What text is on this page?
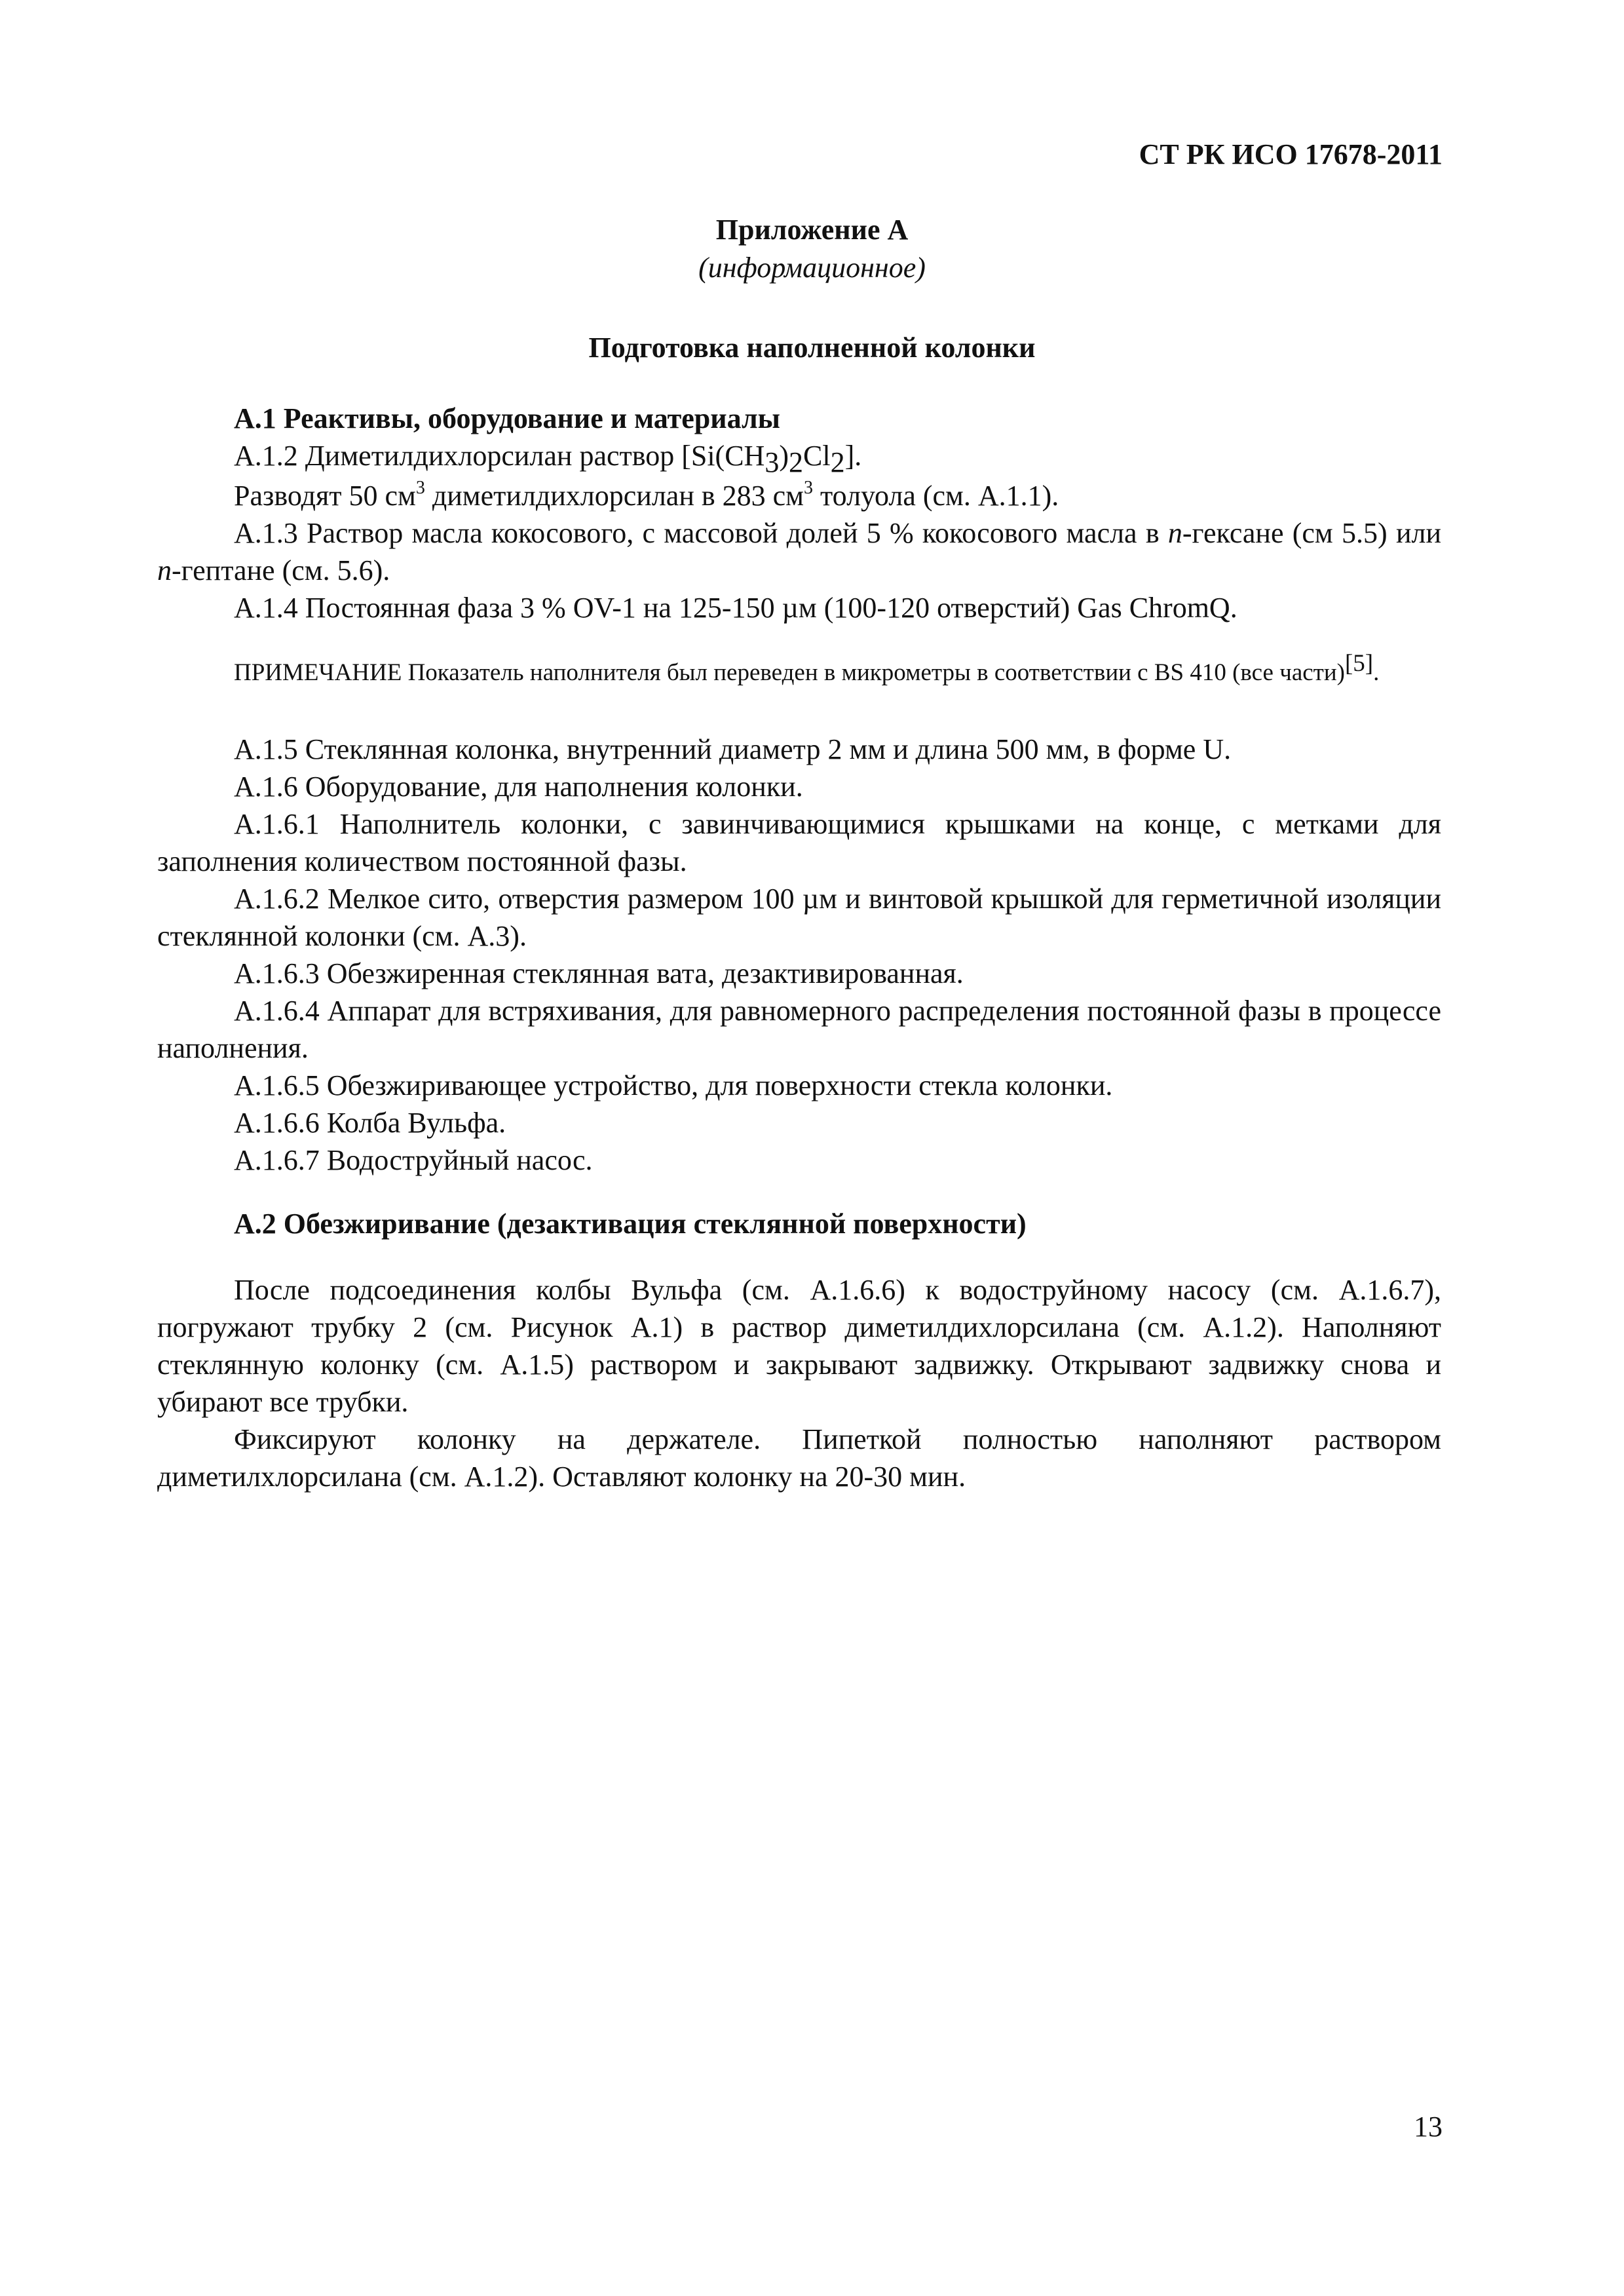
СТ РК ИСО 17678-2011
Приложение А
(информационное)
Подготовка наполненной колонки

А.1 Реактивы, оборудование и материалы

А.1.2 Диметилдихлорсилан раствор [Si(CH3)2Cl2].

Разводят 50 $см^3$ диметилдихлорсилан в 283 $см^3$ толуола (см. А.1.1).

А.1.3 Раствор масла кокосового, с массовой долей 5 % кокосового масла в n-гексане (см 5.5) или n-гептане (см. 5.6).

А.1.4 Постоянная фаза 3 % OV-1 на 125-150 µм (100-120 отверстий) Gas ChromQ.

ПРИМЕЧАНИЕ Показатель наполнителя был переведен в микрометры в соответствии с BS 410 (все части)[5].

А.1.5 Стеклянная колонка, внутренний диаметр 2 мм и длина 500 мм, в форме U.

А.1.6 Оборудование, для наполнения колонки.

А.1.6.1 Наполнитель колонки, с завинчивающимися крышками на конце, с метками для заполнения количеством постоянной фазы.

А.1.6.2 Мелкое сито, отверстия размером 100 µм и винтовой крышкой для герметичной изоляции стеклянной колонки (см. А.3).

А.1.6.3 Обезжиренная стеклянная вата, дезактивированная.

А.1.6.4 Аппарат для встряхивания, для равномерного распределения постоянной фазы в процессе наполнения.

А.1.6.5 Обезжиривающее устройство, для поверхности стекла колонки.

А.1.6.6 Колба Вульфа.

А.1.6.7 Водоструйный насос.

А.2 Обезжиривание (дезактивация стеклянной поверхности)

После подсоединения колбы Вульфа (см. А.1.6.6) к водоструйному насосу (см. А.1.6.7), погружают трубку 2 (см. Рисунок А.1) в раствор диметилдихлорсилана (см. А.1.2). Наполняют стеклянную колонку (см. А.1.5) раствором и закрывают задвижку. Открывают задвижку снова и убирают все трубки.

Фиксируют колонку на держателе. Пипеткой полностью наполняют раствором диметилхлорсилана (см. А.1.2). Оставляют колонку на 20-30 мин.

13
